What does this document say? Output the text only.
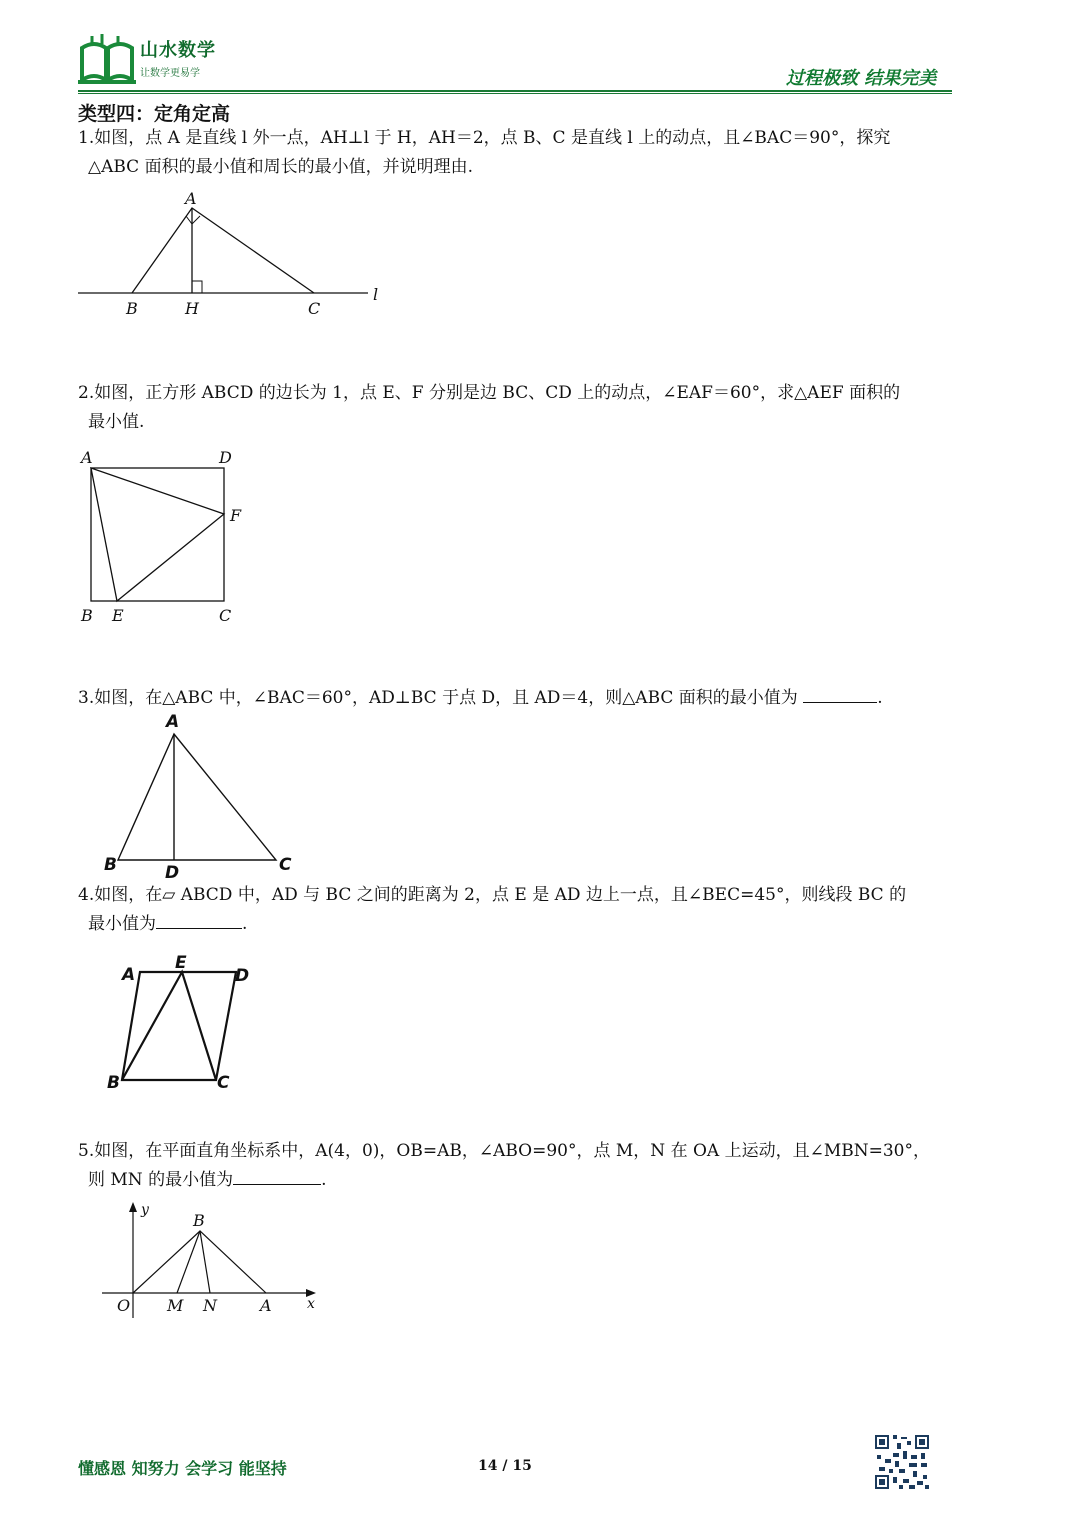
山水数学
让数学更易学	过程极致 结果完美
类型四：定角定高
1.如图，点 A 是直线 l 外一点，AH⊥l 于 H，AH＝2，点 B、C 是直线 l 上的动点，且∠BAC＝90°，探究
△ABC 面积的最小值和周长的最小值，并说明理由.
A
B	H	C
l
2.如图，正方形 ABCD 的边长为 1，点 E、F 分别是边 BC、CD 上的动点，∠EAF＝60°，求△AEF 面积的
最小值.
A	D
F
B E	C
3.如图，在△ABC 中，∠BAC＝60°，AD⊥BC 于点 D，且 AD＝4，则△ABC 面积的最小值为	.
A
B	D	C
4.如图，在▱ ABCD 中，AD 与 BC 之间的距离为 2，点 E 是 AD 边上一点，且∠BEC=45°，则线段 BC 的
最小值为	.
A
E
D
B	C
5.如图，在平面直角坐标系中，A(4，0)，OB=AB，∠ABO=90°，点 M，N 在 OA 上运动，且∠MBN=30°，
则 MN 的最小值为	.
y
B
O M N	A	x
懂感恩 知努力 会学习 能坚持	14 / 15
